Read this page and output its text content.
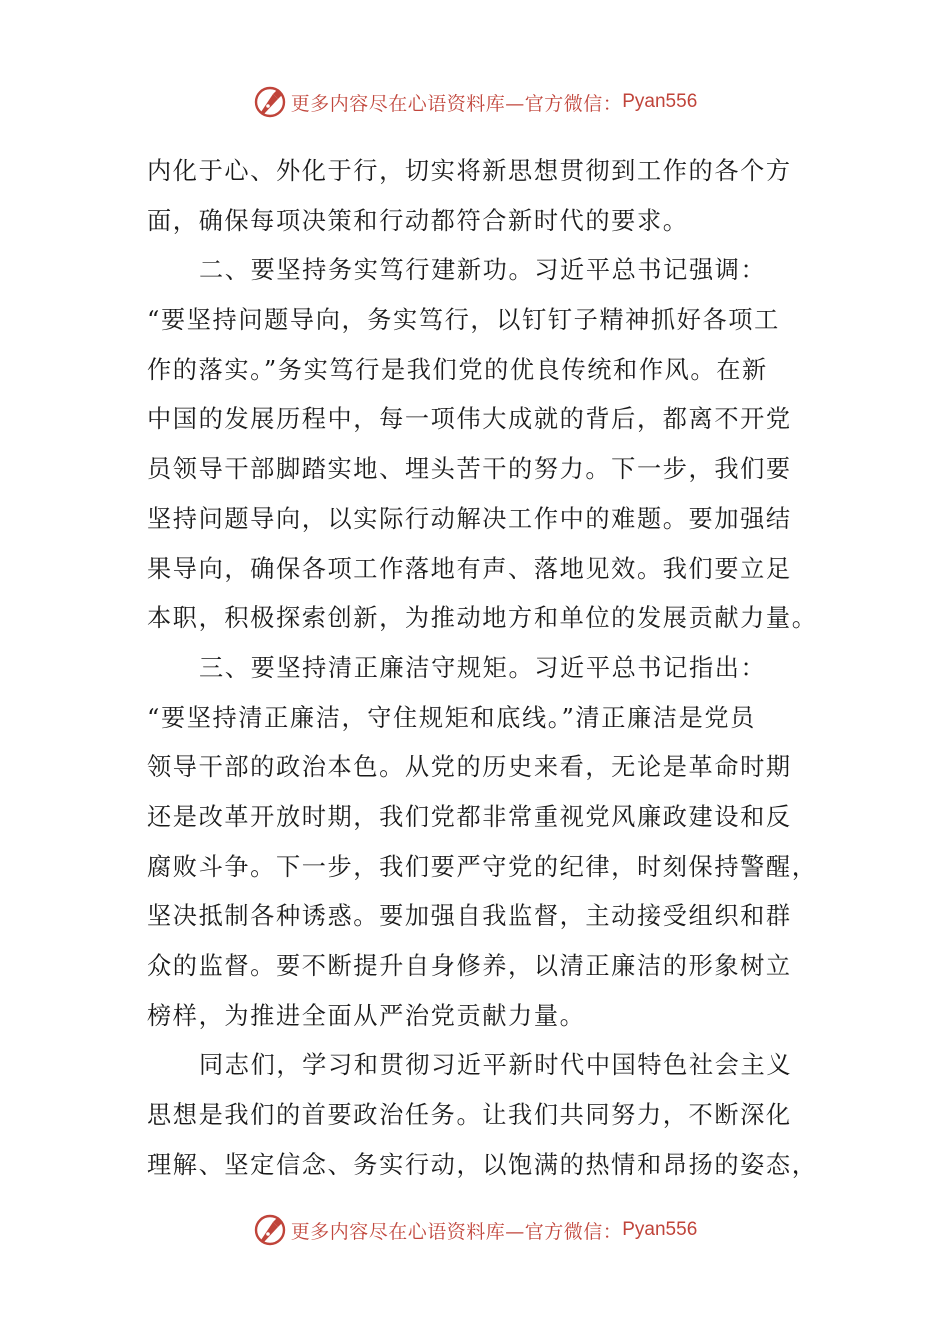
更多内容尽在心语资料库—官方微信： Pyan556
内化于心、外化于行，切实将新思想贯彻到工作的各个方
面，确保每项决策和行动都符合新时代的要求。
二、要坚持务实笃行建新功。习近平总书记强调：
“要坚持问题导向，务实笃行，以钉钉子精神抓好各项工
作的落实。”务实笃行是我们党的优良传统和作风。在新
中国的发展历程中，每一项伟大成就的背后，都离不开党
员领导干部脚踏实地、埋头苦干的努力。下一步，我们要
坚持问题导向，以实际行动解决工作中的难题。要加强结
果导向，确保各项工作落地有声、落地见效。我们要立足
本职，积极探索创新，为推动地方和单位的发展贡献力量。
三、要坚持清正廉洁守规矩。习近平总书记指出：
“要坚持清正廉洁，守住规矩和底线。”清正廉洁是党员
领导干部的政治本色。从党的历史来看，无论是革命时期
还是改革开放时期，我们党都非常重视党风廉政建设和反
腐败斗争。下一步，我们要严守党的纪律，时刻保持警醒，
坚决抵制各种诱惑。要加强自我监督，主动接受组织和群
众的监督。要不断提升自身修养，以清正廉洁的形象树立
榜样，为推进全面从严治党贡献力量。
同志们，学习和贯彻习近平新时代中国特色社会主义
思想是我们的首要政治任务。让我们共同努力，不断深化
理解、坚定信念、务实行动，以饱满的热情和昂扬的姿态，
更多内容尽在心语资料库—官方微信： Pyan556
